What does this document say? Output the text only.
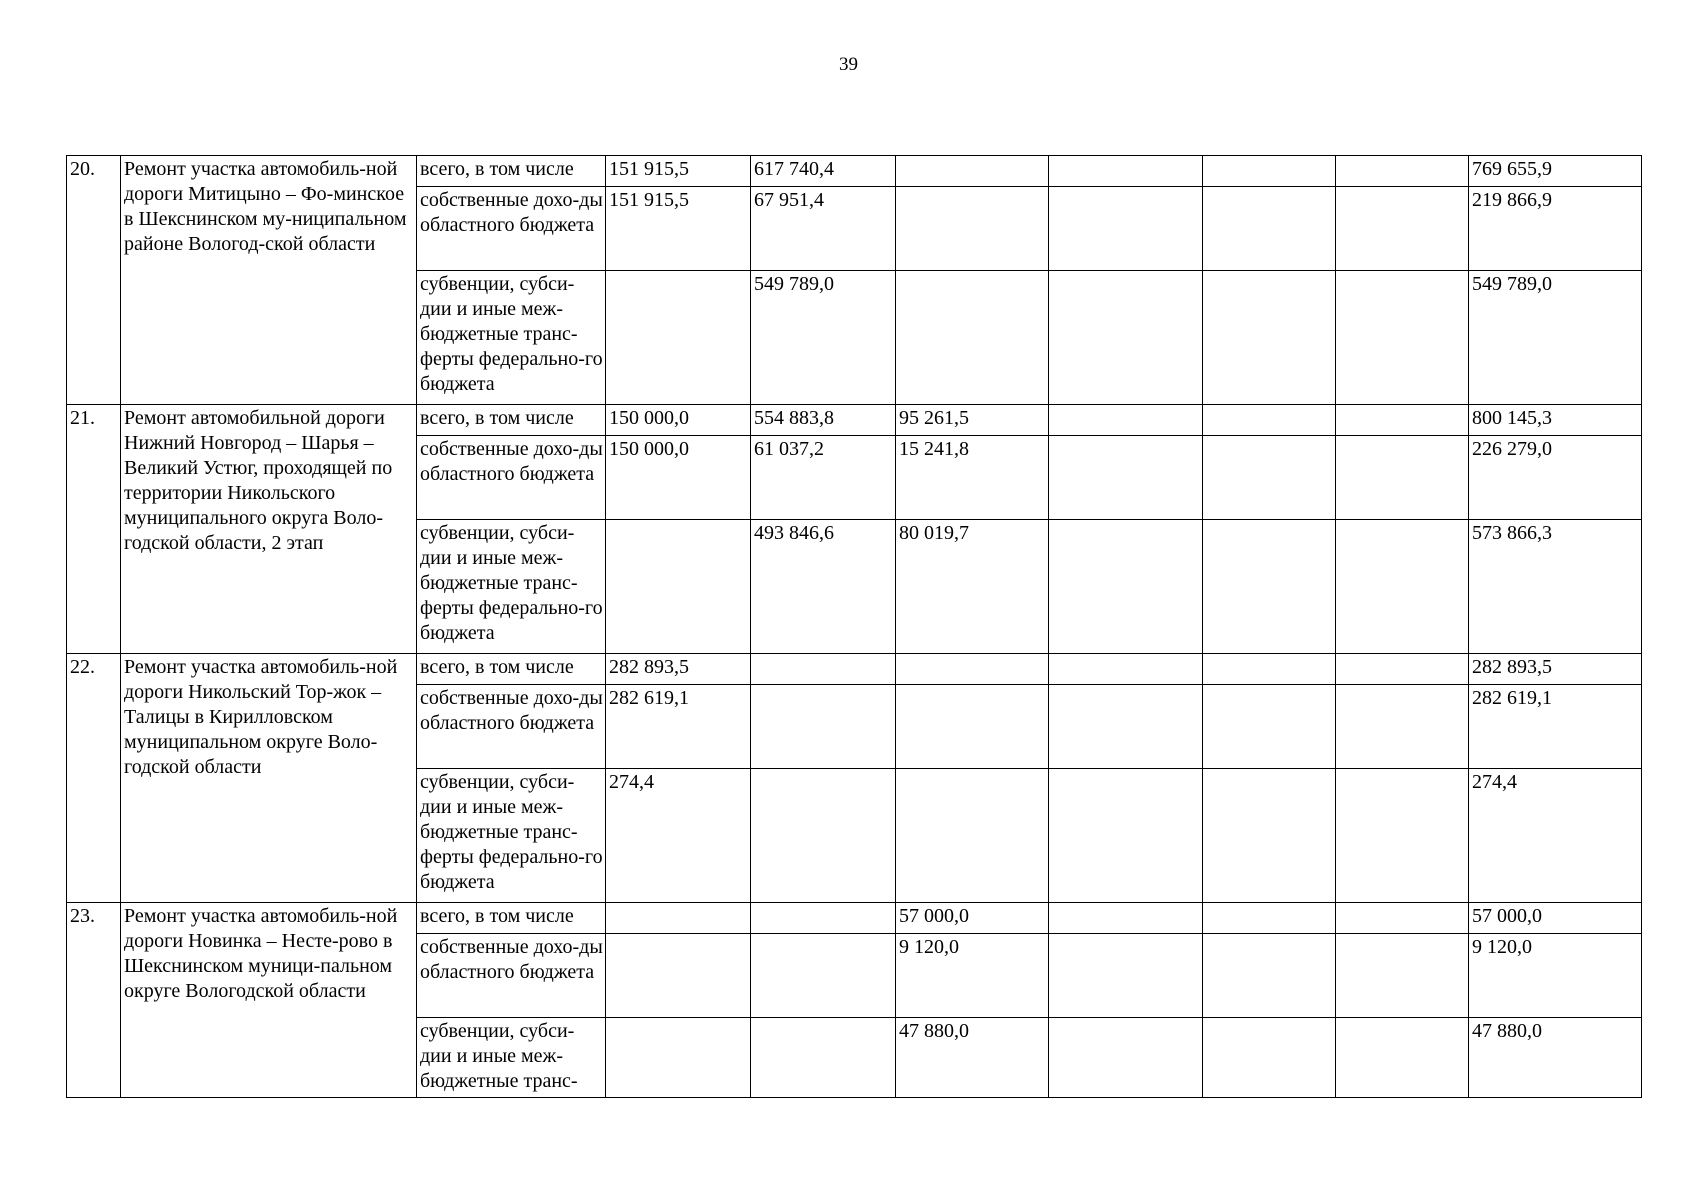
39
20.	Ремонт участка автомобиль-ной дороги Митицыно – Фо-минское в Шекснинском му-ниципальном районе Вологод-ской области	всего, в том числе	151 915,5	617 740,4					769 655,9
		собственные дохо-ды областного бюджета	151 915,5	67 951,4					219 866,9
		субвенции, субси-дии и иные меж-бюджетные транс-ферты федерально-го бюджета		549 789,0					549 789,0
21.	Ремонт автомобильной дороги Нижний Новгород – Шарья – Великий Устюг, проходящей по территории Никольского муниципального округа Воло-годской области, 2 этап	всего, в том числе	150 000,0	554 883,8	95 261,5				800 145,3
		собственные дохо-ды областного бюджета	150 000,0	61 037,2	15 241,8				226 279,0
		субвенции, субси-дии и иные меж-бюджетные транс-ферты федерально-го бюджета		493 846,6	80 019,7				573 866,3
22.	Ремонт участка автомобиль-ной дороги Никольский Тор-жок – Талицы в Кирилловском муниципальном округе Воло-годской области	всего, в том числе	282 893,5						282 893,5
		собственные дохо-ды областного бюджета	282 619,1						282 619,1
		субвенции, субси-дии и иные меж-бюджетные транс-ферты федерально-го бюджета	274,4						274,4
23.	Ремонт участка автомобиль-ной дороги Новинка – Несте-рово в Шекснинском муници-пальном округе Вологодской области	всего, в том числе			57 000,0				57 000,0
		собственные дохо-ды областного бюджета			9 120,0				9 120,0
		субвенции, субси-дии и иные меж-бюджетные транс-			47 880,0				47 880,0
